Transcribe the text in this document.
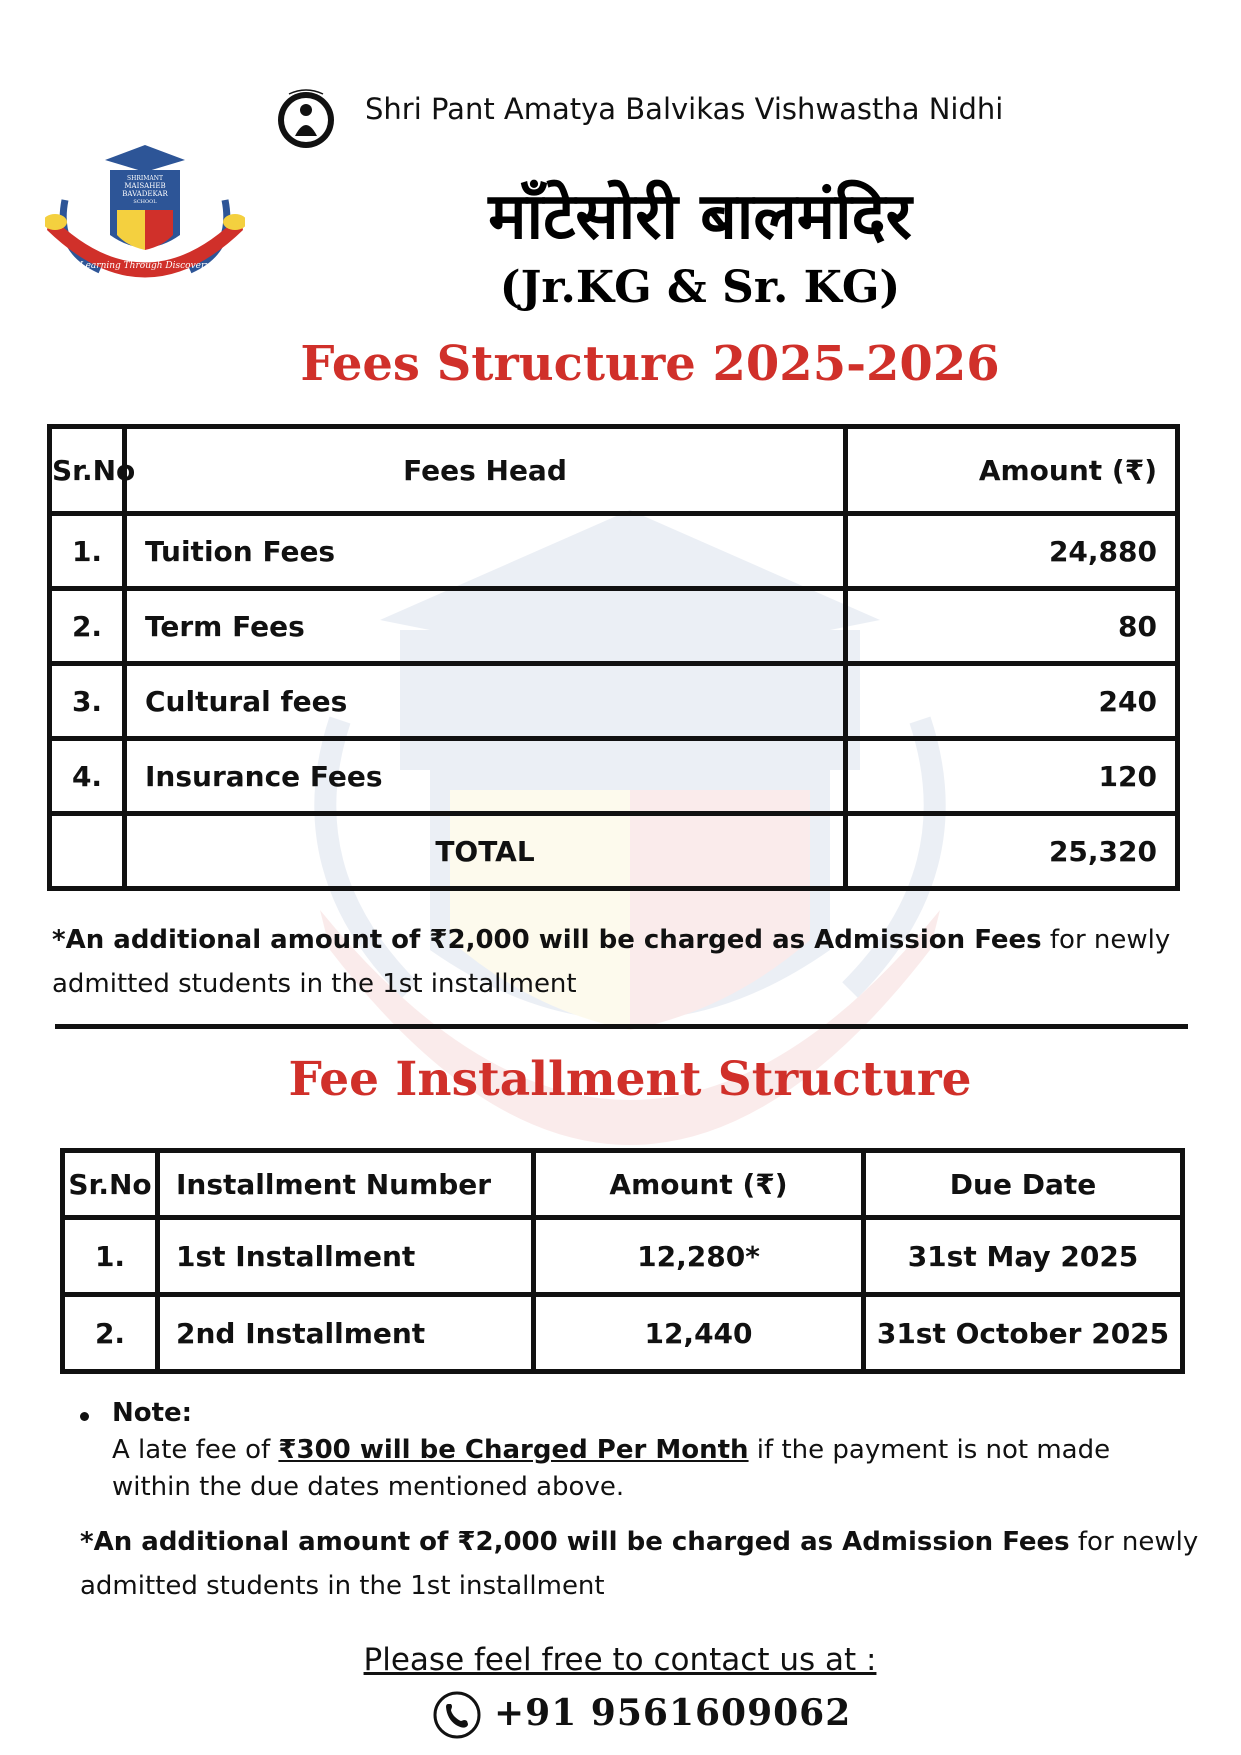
Shri Pant Amatya Balvikas Vishwastha Nidhi
SHRIMANT
MAISAHEB
BAVADEKAR
SCHOOL
Learning Through Discovery
मॉंटेसोरी बालमंदिर
(Jr.KG & Sr. KG)
Fees Structure 2025-2026
Sr.No	Fees Head	Amount (₹)
1.	Tuition Fees	24,880
2.	Term Fees	80
3.	Cultural fees	240
4.	Insurance Fees	120
	TOTAL	25,320
*An additional amount of ₹2,000 will be charged as Admission Fees for newly admitted students in the 1st installment
Fee Installment Structure
Sr.No	Installment Number	Amount (₹)	Due Date
1.	1st Installment	12,280*	31st May 2025
2.	2nd Installment	12,440	31st October 2025
Note:
A late fee of ₹300 will be Charged Per Month if the payment is not made within the due dates mentioned above.
*An additional amount of ₹2,000 will be charged as Admission Fees for newly admitted students in the 1st installment
Please feel free to contact us at :
+91 9561609062
